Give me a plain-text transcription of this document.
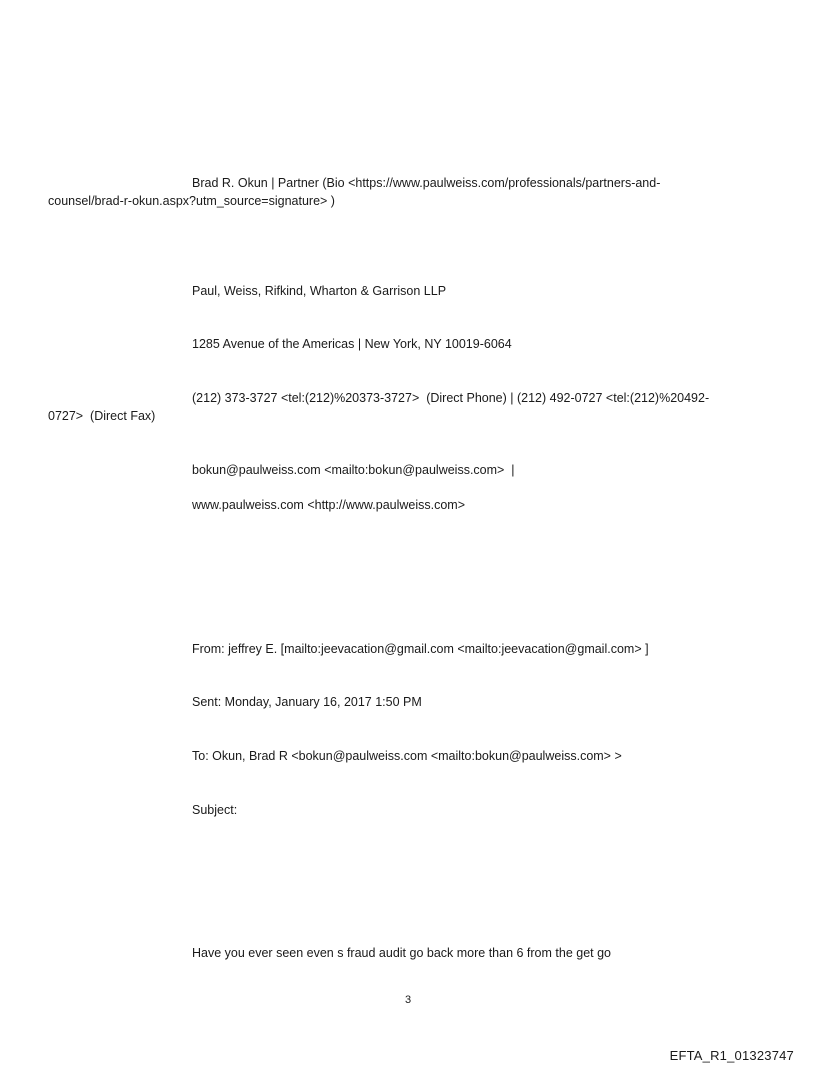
Brad R. Okun | Partner (Bio <https://www.paulweiss.com/professionals/partners-and-
counsel/brad-r-okun.aspx?utm_source=signature> )
Paul, Weiss, Rifkind, Wharton & Garrison LLP
1285 Avenue of the Americas | New York, NY 10019-6064
(212) 373-3727 <tel:(212)%20373-3727>  (Direct Phone) | (212) 492-0727 <tel:(212)%20492-
0727>  (Direct Fax)
bokun@paulweiss.com <mailto:bokun@paulweiss.com>  |
www.paulweiss.com <http://www.paulweiss.com>
From: jeffrey E. [mailto:jeevacation@gmail.com <mailto:jeevacation@gmail.com> ]
Sent: Monday, January 16, 2017 1:50 PM
To: Okun, Brad R <bokun@paulweiss.com <mailto:bokun@paulweiss.com> >
Subject:
Have you ever seen even s fraud audit go back more than 6 from the get go
3
EFTA_R1_01323747
